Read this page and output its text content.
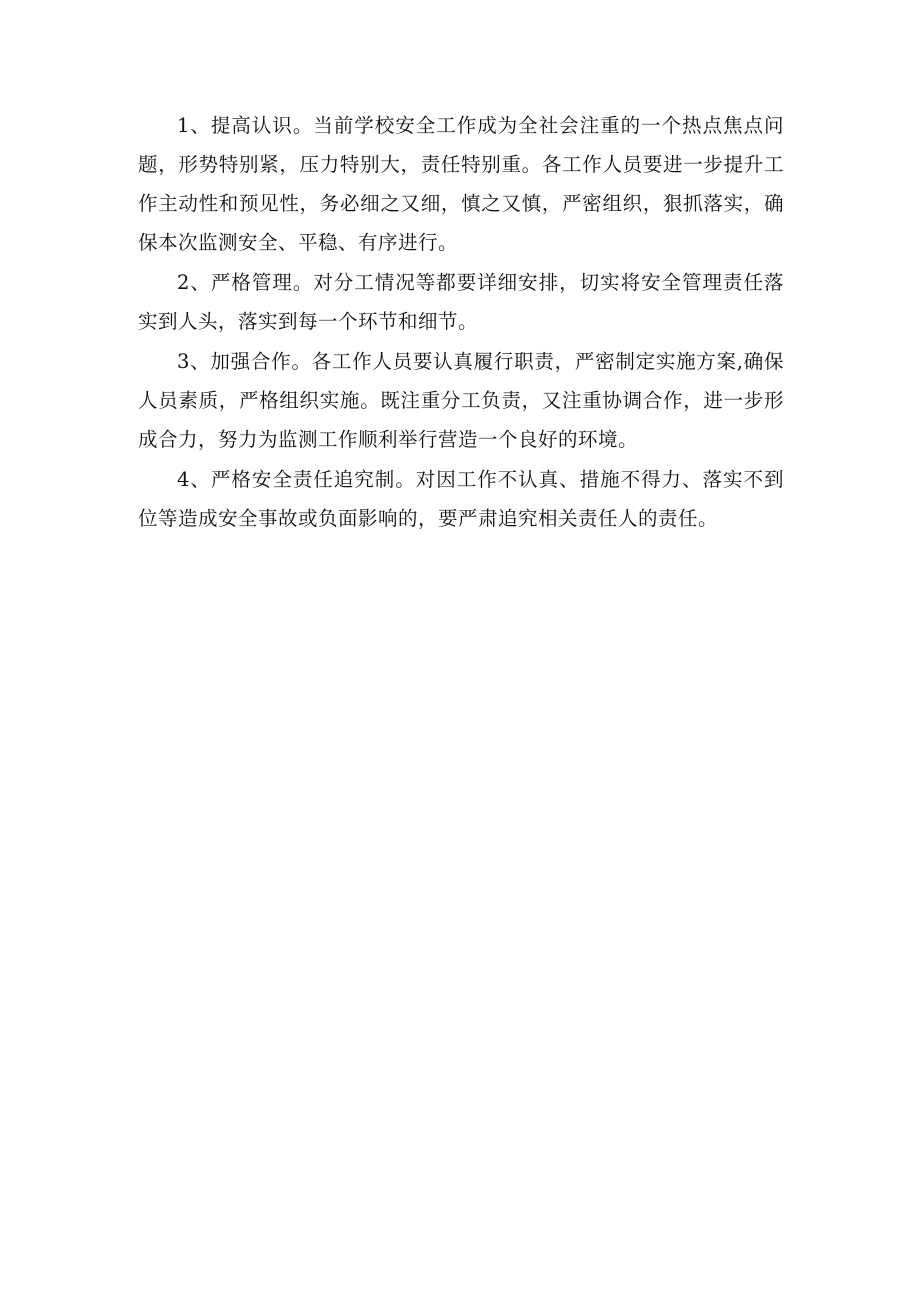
1、提高认识。当前学校安全工作成为全社会注重的一个热点焦点问题，形势特别紧，压力特别大，责任特别重。各工作人员要进一步提升工作主动性和预见性，务必细之又细，慎之又慎，严密组织，狠抓落实，确保本次监测安全、平稳、有序进行。

2、严格管理。对分工情况等都要详细安排，切实将安全管理责任落实到人头，落实到每一个环节和细节。

3、加强合作。各工作人员要认真履行职责，严密制定实施方案,确保人员素质，严格组织实施。既注重分工负责，又注重协调合作，进一步形成合力，努力为监测工作顺利举行营造一个良好的环境。

4、严格安全责任追究制。对因工作不认真、措施不得力、落实不到位等造成安全事故或负面影响的，要严肃追究相关责任人的责任。
